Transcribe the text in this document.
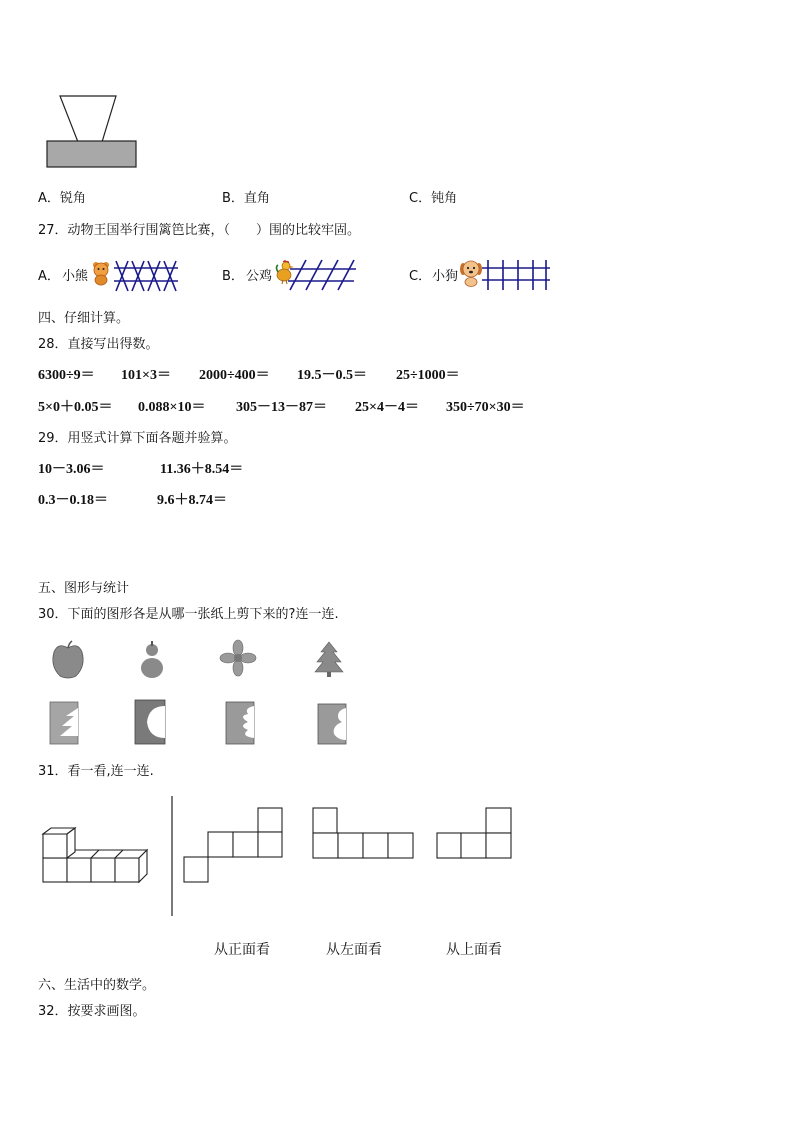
A．锐角	B．直角	C．钝角
27．动物王国举行围篱笆比赛，（　　）围的比较牢固。
A． 小熊	B． 公鸡	C． 小狗
四、仔细计算。
28．直接写出得数。
6300÷9＝ 101×3＝ 2000÷400＝ 19.5－0.5＝ 25÷1000＝
5×0＋0.05＝ 0.088×10＝ 305－13－87＝ 25×4－4＝ 350÷70×30＝
29．用竖式计算下面各题并验算。
10－3.06＝	11.36＋8.54＝
0.3－0.18＝	9.6＋8.74＝
五、图形与统计
30．下面的图形各是从哪一张纸上剪下来的?连一连.
31．看一看,连一连.
从正面看	从左面看	从上面看
六、生活中的数学。
32．按要求画图。
